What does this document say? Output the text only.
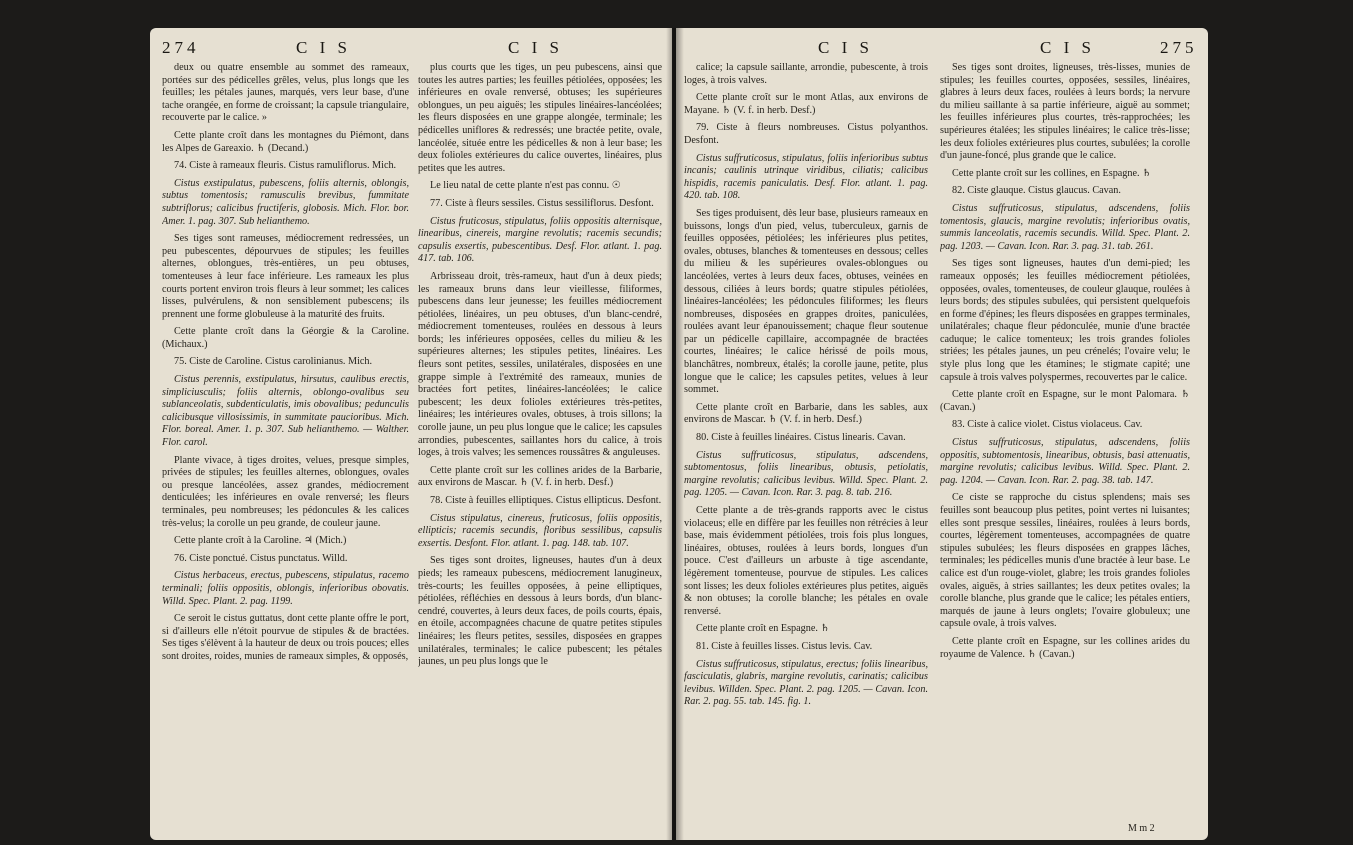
274	C I S	C I S	C I S	C I S	275

deux ou quatre ensemble au sommet des rameaux, portées sur des pédicelles grêles, velus, plus longs que les feuilles; les pétales jaunes, marqués, vers leur base, d'une tache orangée, en forme de croissant; la capsule triangulaire, recouverte par le calice. »

Cette plante croît dans les montagnes du Piémont, dans les Alpes de Gareaxio. ♄ (Decand.)

74. Ciste à rameaux fleuris. Cistus ramuliflorus. Mich.

Cistus exstipulatus, pubescens, foliis alternis, oblongis, subtus tomentosis; ramusculis brevibus, fummitate subtriflorus; calicibus fructiferis, globosis. Mich. Flor. bor. Amer. 1. pag. 307. Sub helianthemo.

Ses tiges sont rameuses, médiocrement redressées, un peu pubescentes, dépourvues de stipules; les feuilles alternes, oblongues, très-entières, un peu obtuses, tomenteuses à leur face inférieure. Les rameaux les plus courts portent environ trois fleurs à leur sommet; les calices lisses, pulvérulens, & non sensiblement pubescens; ils prennent une forme globuleuse à la maturité des fruits.

Cette plante croît dans la Géorgie & la Caroline. (Michaux.)

75. Ciste de Caroline. Cistus carolinianus. Mich.

Cistus perennis, exstipulatus, hirsutus, caulibus erectis, simpliciusculis; foliis alternis, oblongo-ovalibus seu sublanceolatis, subdenticulatis, imis obovalibus; pedunculis calicibusque villosissimis, in summitate paucioribus. Mich. Flor. boreal. Amer. 1. p. 307. Sub helianthemo. — Walther. Flor. carol.

Plante vivace, à tiges droites, velues, presque simples, privées de stipules; les feuilles alternes, oblongues, ovales ou presque lancéolées, assez grandes, médiocrement denticulées; les inférieures en ovale renversé; les fleurs terminales, peu nombreuses; les pédoncules & les calices très-velus; la corolle un peu grande, de couleur jaune.

Cette plante croît à la Caroline. ♃ (Mich.)

76. Ciste ponctué. Cistus punctatus. Willd.

Cistus herbaceus, erectus, pubescens, stipulatus, racemo terminali; foliis oppositis, oblongis, inferioribus obovatis. Willd. Spec. Plant. 2. pag. 1199.

Ce seroit le cistus guttatus, dont cette plante offre le port, si d'ailleurs elle n'étoit pourvue de stipules & de bractées. Ses tiges s'élèvent à la hauteur de deux ou trois pouces; elles sont droites, roides, munies de rameaux simples, & opposés,

plus courts que les tiges, un peu pubescens, ainsi que toutes les autres parties; les feuilles pétiolées, opposées; les inférieures en ovale renversé, obtuses; les supérieures oblongues, un peu aiguës; les stipules linéaires-lancéolées; les fleurs disposées en une grappe alongée, terminale; les pédicelles uniflores & redressés; une bractée petite, ovale, lancéolée, située entre les pédicelles & non à leur base; les deux folioles extérieures du calice ouvertes, linéaires, plus petites que les autres.

Le lieu natal de cette plante n'est pas connu. ☉

77. Ciste à fleurs sessiles. Cistus sessiliflorus. Desfont.

Cistus fruticosus, stipulatus, foliis oppositis alternisque, linearibus, cinereis, margine revolutis; racemis secundis; capsulis exsertis, pubescentibus. Desf. Flor. atlant. 1. pag. 417. tab. 106.

Arbrisseau droit, très-rameux, haut d'un à deux pieds; les rameaux bruns dans leur vieillesse, filiformes, pubescens dans leur jeunesse; les feuilles médiocrement pétiolées, linéaires, un peu obtuses, d'un blanc-cendré, médiocrement tomenteuses, roulées en dessous à leurs bords; les inférieures opposées, celles du milieu & les supérieures alternes; les stipules petites, linéaires. Les fleurs sont petites, sessiles, unilatérales, disposées en une grappe simple à l'extrémité des rameaux, munies de bractées fort petites, linéaires-lancéolées; le calice pubescent; les deux folioles extérieures très-petites, linéaires; les intérieures ovales, obtuses, à trois sillons; la corolle jaune, un peu plus longue que le calice; les capsules arrondies, pubescentes, saillantes hors du calice, à trois loges, à trois valves; les semences roussâtres & anguleuses.

Cette plante croît sur les collines arides de la Barbarie, aux environs de Mascar. ♄ (V. f. in herb. Desf.)

78. Ciste à feuilles elliptiques. Cistus ellipticus. Desfont.

Cistus stipulatus, cinereus, fruticosus, foliis oppositis, ellipticis; racemis secundis, floribus sessilibus, capsulis exsertis. Desfont. Flor. atlant. 1. pag. 148. tab. 107.

Ses tiges sont droites, ligneuses, hautes d'un à deux pieds; les rameaux pubescens, médiocrement lanugineux, très-courts; les feuilles opposées, à peine elliptiques, pétiolées, réfléchies en dessous à leurs bords, d'un blanc-cendré, couvertes, à leurs deux faces, de poils courts, épais, en étoile, accompagnées chacune de quatre petites stipules linéaires; les fleurs petites, sessiles, disposées en grappes unilatérales, terminales; le calice pubescent; les pétales jaunes, un peu plus longs que le

calice; la capsule saillante, arrondie, pubescente, à trois loges, à trois valves.

Cette plante croît sur le mont Atlas, aux environs de Mayane. ♄ (V. f. in herb. Desf.)

79. Ciste à fleurs nombreuses. Cistus polyanthos. Desfont.

Cistus suffruticosus, stipulatus, foliis inferioribus subtus incanis; caulinis utrinque viridibus, ciliatis; calicibus hispidis, racemis paniculatis. Desf. Flor. atlant. 1. pag. 420. tab. 108.

Ses tiges produisent, dès leur base, plusieurs rameaux en buissons, longs d'un pied, velus, tuberculeux, garnis de feuilles opposées, pétiolées; les inférieures plus petites, ovales, obtuses, blanches & tomenteuses en dessous; celles du milieu & les supérieures ovales-oblongues ou lancéolées, vertes à leurs deux faces, obtuses, veinées en dessous, ciliées à leurs bords; quatre stipules pétiolées, linéaires-lancéolées; les pédoncules filiformes; les fleurs nombreuses, disposées en grappes droites, paniculées, roulées avant leur épanouissement; chaque fleur soutenue par un pédicelle capillaire, accompagnée de bractées courtes, linéaires; le calice hérissé de poils mous, blanchâtres, nombreux, étalés; la corolle jaune, petite, plus longue que le calice; les capsules petites, velues à leur sommet.

Cette plante croît en Barbarie, dans les sables, aux environs de Mascar. ♄ (V. f. in herb. Desf.)

80. Ciste à feuilles linéaires. Cistus linearis. Cavan.

Cistus suffruticosus, stipulatus, adscendens, subtomentosus, foliis linearibus, obtusis, petiolatis, margine revolutis; calicibus levibus. Willd. Spec. Plant. 2. pag. 1205. — Cavan. Icon. Rar. 3. pag. 8. tab. 216.

Cette plante a de très-grands rapports avec le cistus violaceus; elle en diffère par les feuilles non rétrécies à leur base, mais évidemment pétiolées, trois fois plus longues, linéaires, obtuses, roulées à leurs bords, longues d'un pouce. C'est d'ailleurs un arbuste à tige ascendante, légèrement tomenteuse, pourvue de stipules. Les calices sont lisses; les deux folioles extérieures plus petites, aiguës & non obtuses; la corolle blanche; les pétales en ovale renversé.

Cette plante croît en Espagne. ♄

81. Ciste à feuilles lisses. Cistus levis. Cav.

Cistus suffruticosus, stipulatus, erectus; foliis linearibus, fasciculatis, glabris, margine revolutis, carinatis; calicibus levibus. Willden. Spec. Plant. 2. pag. 1205. — Cavan. Icon. Rar. 2. pag. 55. tab. 145. fig. 1.

Ses tiges sont droites, ligneuses, très-lisses, munies de stipules; les feuilles courtes, opposées, sessiles, linéaires, glabres à leurs deux faces, roulées à leurs bords; la nervure du milieu saillante à sa partie inférieure, aiguë au sommet; les feuilles inférieures plus courtes, très-rapprochées; les supérieures étalées; les stipules linéaires; le calice très-lisse; les deux folioles extérieures plus courtes, subulées; la corolle d'un jaune-foncé, plus grande que le calice.

Cette plante croît sur les collines, en Espagne. ♄

82. Ciste glauque. Cistus glaucus. Cavan.

Cistus suffruticosus, stipulatus, adscendens, foliis tomentosis, glaucis, margine revolutis; inferioribus ovatis, summis lanceolatis, racemis secundis. Willd. Spec. Plant. 2. pag. 1203. — Cavan. Icon. Rar. 3. pag. 31. tab. 261.

Ses tiges sont ligneuses, hautes d'un demi-pied; les rameaux opposés; les feuilles médiocrement pétiolées, opposées, ovales, tomenteuses, de couleur glauque, roulées à leurs bords; des stipules subulées, qui persistent quelquefois en forme d'épines; les fleurs disposées en grappes terminales, unilatérales; chaque fleur pédonculée, munie d'une bractée caduque; le calice tomenteux; les trois grandes folioles striées; les pétales jaunes, un peu crénelés; l'ovaire velu; le style plus long que les étamines; le stigmate capité; une capsule à trois valves polyspermes, recouvertes par le calice.

Cette plante croît en Espagne, sur le mont Palomara. ♄ (Cavan.)

83. Ciste à calice violet. Cistus violaceus. Cav.

Cistus suffruticosus, stipulatus, adscendens, foliis oppositis, subtomentosis, linearibus, obtusis, basi attenuatis, margine revolutis; calicibus levibus. Willd. Spec. Plant. 2. pag. 1204. — Cavan. Icon. Rar. 2. pag. 38. tab. 147.

Ce ciste se rapproche du cistus splendens; mais ses feuilles sont beaucoup plus petites, point vertes ni luisantes; elles sont presque sessiles, linéaires, roulées à leurs bords, courtes, légèrement tomenteuses, accompagnées de quatre stipules subulées; les fleurs disposées en grappes lâches, terminales; les pédicelles munis d'une bractée à leur base. Le calice est d'un rouge-violet, glabre; les trois grandes folioles ovales, aiguës, à stries saillantes; les deux petites ovales; la corolle blanche, plus grande que le calice; les pétales entiers, marqués de jaune à leurs onglets; l'ovaire globuleux; une capsule ovale, à trois valves.

Cette plante croît en Espagne, sur les collines arides du royaume de Valence. ♄ (Cavan.)

M m 2
